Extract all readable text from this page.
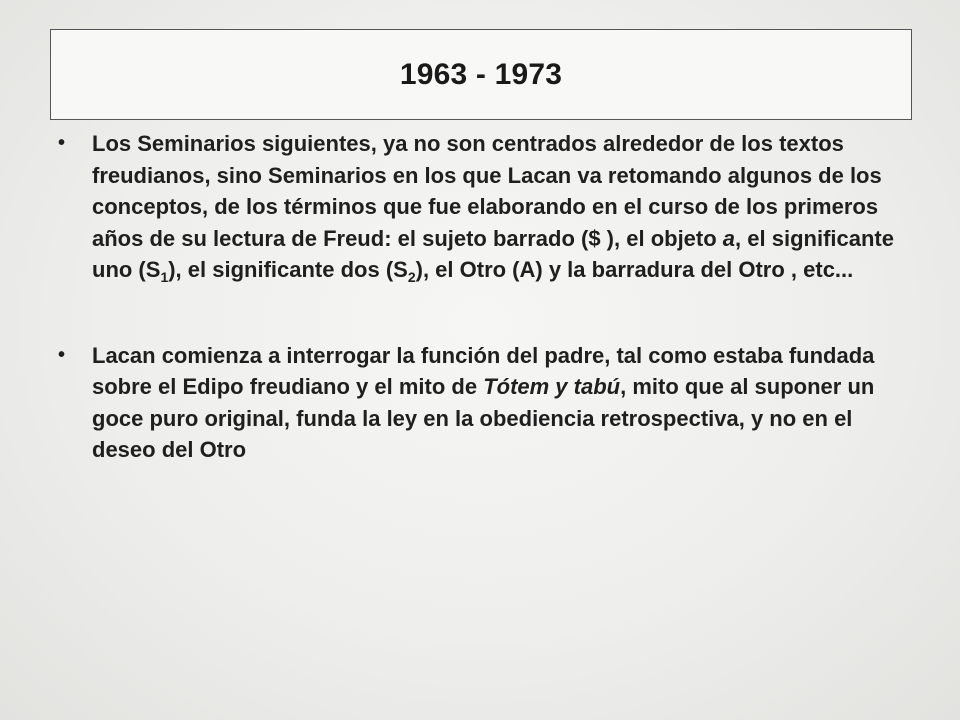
1963 - 1973
• Los Seminarios siguientes, ya no son centrados alrededor de los textos freudianos, sino Seminarios en los que Lacan va retomando algunos de los conceptos, de los términos que fue elaborando en el curso de los primeros años de su lectura de Freud: el sujeto barrado ($ ), el objeto a, el significante uno $(S_1)$, el significante dos $(S_2)$, el Otro (A) y la barradura del Otro , etc...
• Lacan comienza a interrogar la función del padre, tal como estaba fundada sobre el Edipo freudiano y el mito de Tótem y tabú, mito que al suponer un goce puro original, funda la ley en la obediencia retrospectiva, y no en el deseo del Otro
